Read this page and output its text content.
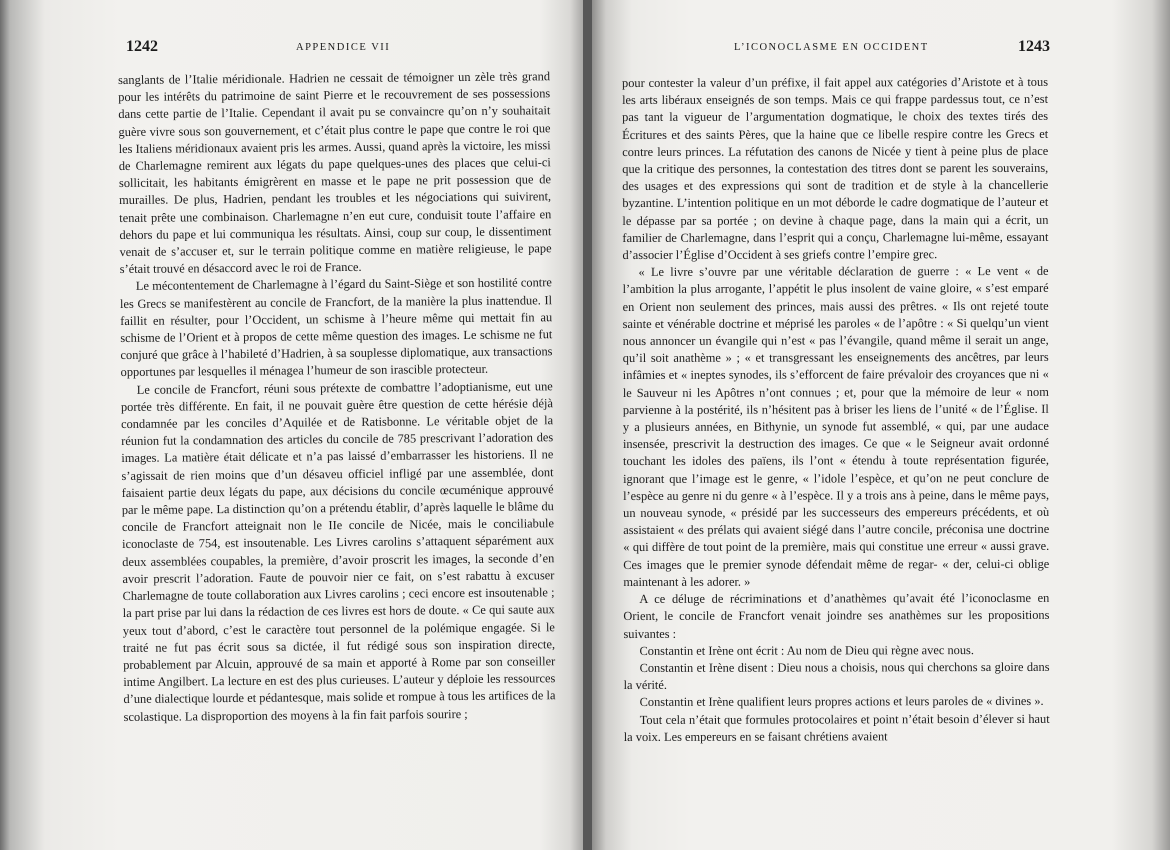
1242	APPENDICE VII

sanglants de l’Italie méridionale. Hadrien ne cessait de témoigner un zèle très grand pour les intérêts du patrimoine de saint Pierre et le recouvrement de ses possessions dans cette partie de l’Italie. Cependant il avait pu se convaincre qu’on n’y souhaitait guère vivre sous son gouvernement, et c’était plus contre le pape que contre le roi que les Italiens méridionaux avaient pris les armes. Aussi, quand après la victoire, les missi de Charlemagne remirent aux légats du pape quelques-unes des places que celui-ci sollicitait, les habitants émigrèrent en masse et le pape ne prit possession que de murailles. De plus, Hadrien, pendant les troubles et les négociations qui suivirent, tenait prête une combinaison. Charlemagne n’en eut cure, conduisit toute l’affaire en dehors du pape et lui communiqua les résultats. Ainsi, coup sur coup, le dissentiment venait de s’accuser et, sur le terrain politique comme en matière religieuse, le pape s’était trouvé en désaccord avec le roi de France.

Le mécontentement de Charlemagne à l’égard du Saint-Siège et son hostilité contre les Grecs se manifestèrent au concile de Francfort, de la manière la plus inattendue. Il faillit en résulter, pour l’Occident, un schisme à l’heure même qui mettait fin au schisme de l’Orient et à propos de cette même question des images. Le schisme ne fut conjuré que grâce à l’habileté d’Hadrien, à sa souplesse diplomatique, aux transactions opportunes par lesquelles il ménagea l’humeur de son irascible protecteur.

Le concile de Francfort, réuni sous prétexte de combattre l’adoptianisme, eut une portée très différente. En fait, il ne pouvait guère être question de cette hérésie déjà condamnée par les conciles d’Aquilée et de Ratisbonne. Le véritable objet de la réunion fut la condamnation des articles du concile de 785 prescrivant l’adoration des images. La matière était délicate et n’a pas laissé d’embarrasser les historiens. Il ne s’agissait de rien moins que d’un désaveu officiel infligé par une assemblée, dont faisaient partie deux légats du pape, aux décisions du concile œcuménique approuvé par le même pape. La distinction qu’on a prétendu établir, d’après laquelle le blâme du concile de Francfort atteignait non le IIe concile de Nicée, mais le conciliabule iconoclaste de 754, est insoutenable. Les Livres carolins s’attaquent séparément aux deux assemblées coupables, la première, d’avoir proscrit les images, la seconde d’en avoir prescrit l’adoration. Faute de pouvoir nier ce fait, on s’est rabattu à excuser Charlemagne de toute collaboration aux Livres carolins ; ceci encore est insoutenable ; la part prise par lui dans la rédaction de ces livres est hors de doute. « Ce qui saute aux yeux tout d’abord, c’est le caractère tout personnel de la polémique engagée. Si le traité ne fut pas écrit sous sa dictée, il fut rédigé sous son inspiration directe, probablement par Alcuin, approuvé de sa main et apporté à Rome par son conseiller intime Angilbert. La lecture en est des plus curieuses. L’auteur y déploie les ressources d’une dialectique lourde et pédantesque, mais solide et rompue à tous les artifices de la scolastique. La disproportion des moyens à la fin fait parfois sourire ;

L’ICONOCLASME EN OCCIDENT	1243

pour contester la valeur d’un préfixe, il fait appel aux catégories d’Aristote et à tous les arts libéraux enseignés de son temps. Mais ce qui frappe pardessus tout, ce n’est pas tant la vigueur de l’argumentation dogmatique, le choix des textes tirés des Écritures et des saints Pères, que la haine que ce libelle respire contre les Grecs et contre leurs princes. La réfutation des canons de Nicée y tient à peine plus de place que la critique des personnes, la contestation des titres dont se parent les souverains, des usages et des expressions qui sont de tradition et de style à la chancellerie byzantine. L’intention politique en un mot déborde le cadre dogmatique de l’auteur et le dépasse par sa portée ; on devine à chaque page, dans la main qui a écrit, un familier de Charlemagne, dans l’esprit qui a conçu, Charlemagne lui-même, essayant d’associer l’Église d’Occident à ses griefs contre l’empire grec.

« Le livre s’ouvre par une véritable déclaration de guerre : « Le vent « de l’ambition la plus arrogante, l’appétit le plus insolent de vaine gloire, « s’est emparé en Orient non seulement des princes, mais aussi des prêtres. « Ils ont rejeté toute sainte et vénérable doctrine et méprisé les paroles « de l’apôtre : « Si quelqu’un vient nous annoncer un évangile qui n’est « pas l’évangile, quand même il serait un ange, qu’il soit anathème » ; « et transgressant les enseignements des ancêtres, par leurs infâmies et « ineptes synodes, ils s’efforcent de faire prévaloir des croyances que ni « le Sauveur ni les Apôtres n’ont connues ; et, pour que la mémoire de leur « nom parvienne à la postérité, ils n’hésitent pas à briser les liens de l’unité « de l’Église. Il y a plusieurs années, en Bithynie, un synode fut assemblé, « qui, par une audace insensée, prescrivit la destruction des images. Ce que « le Seigneur avait ordonné touchant les idoles des païens, ils l’ont « étendu à toute représentation figurée, ignorant que l’image est le genre, « l’idole l’espèce, et qu’on ne peut conclure de l’espèce au genre ni du genre « à l’espèce. Il y a trois ans à peine, dans le même pays, un nouveau synode, « présidé par les successeurs des empereurs précédents, et où assistaient « des prélats qui avaient siégé dans l’autre concile, préconisa une doctrine « qui diffère de tout point de la première, mais qui constitue une erreur « aussi grave. Ces images que le premier synode défendait même de regar- « der, celui-ci oblige maintenant à les adorer. »

A ce déluge de récriminations et d’anathèmes qu’avait été l’iconoclasme en Orient, le concile de Francfort venait joindre ses anathèmes sur les propositions suivantes :

Constantin et Irène ont écrit : Au nom de Dieu qui règne avec nous.

Constantin et Irène disent : Dieu nous a choisis, nous qui cherchons sa gloire dans la vérité.

Constantin et Irène qualifient leurs propres actions et leurs paroles de « divines ».

Tout cela n’était que formules protocolaires et point n’était besoin d’élever si haut la voix. Les empereurs en se faisant chrétiens avaient
